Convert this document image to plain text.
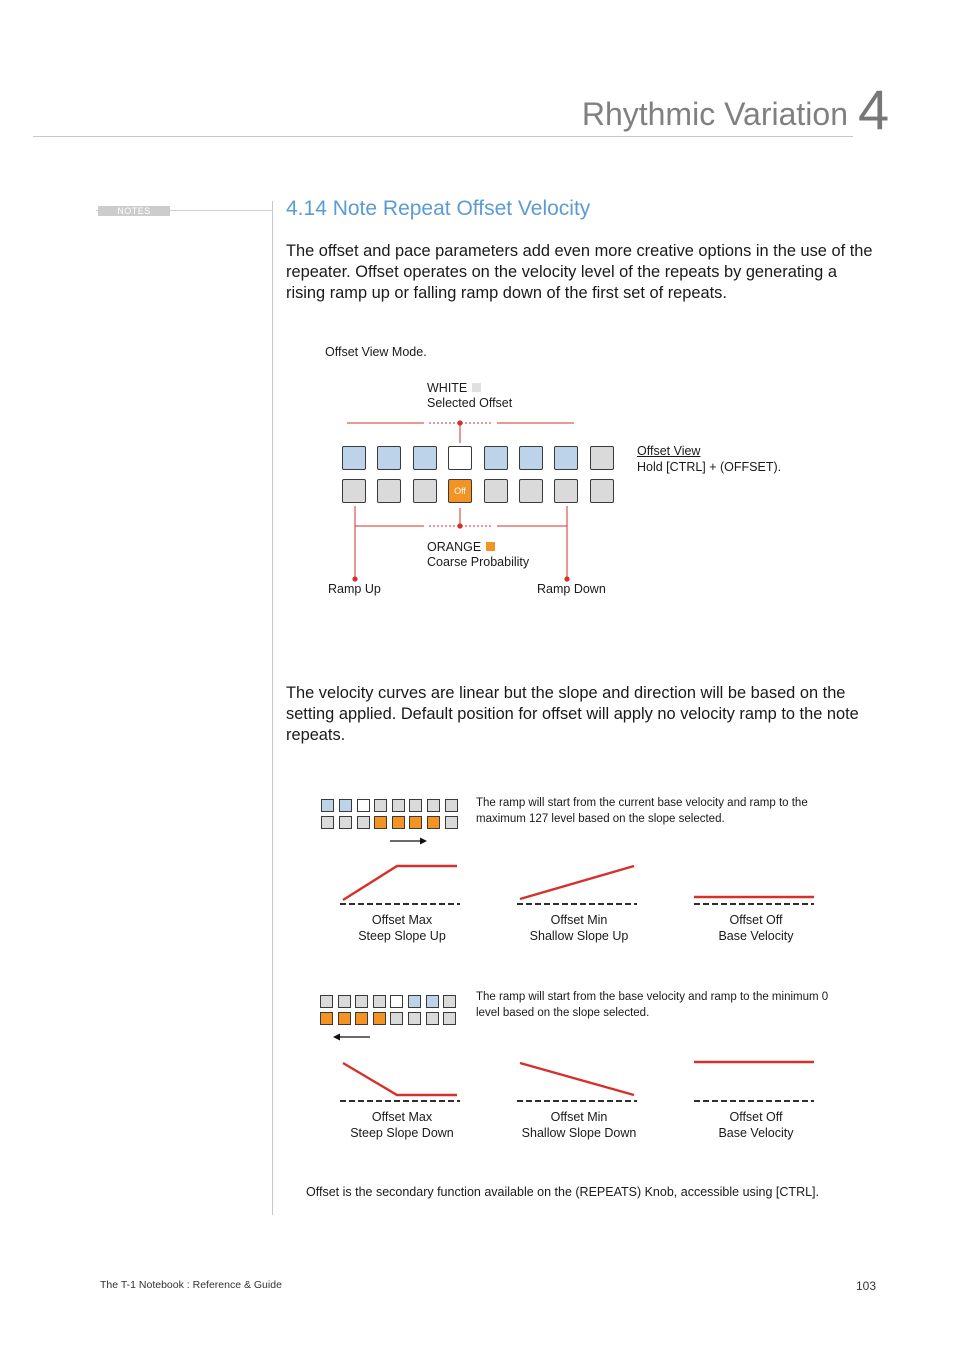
Rhythmic Variation 4
NOTES	4.14 Note Repeat Offset Velocity
The offset and pace parameters add even more creative options in the use of the repeater. Offset operates on the velocity level of the repeats by generating a rising ramp up or falling ramp down of the first set of repeats.
Offset View Mode.
WHITE
Selected Offset
Offset View
Hold [CTRL] + (OFFSET).
Off
ORANGE
Coarse Probability
Ramp Up	Ramp Down
The velocity curves are linear but the slope and direction will be based on the setting applied. Default position for offset will apply no velocity ramp to the note repeats.
The ramp will start from the current base velocity and ramp to the maximum 127 level based on the slope selected.
Offset Max
Steep Slope Up
Offset Min
Shallow Slope Up
Offset Off
Base Velocity
The ramp will start from the base velocity and ramp to the minimum 0 level based on the slope selected.
Offset Max
Steep Slope Down
Offset Min
Shallow Slope Down
Offset Off
Base Velocity
Offset is the secondary function available on the (REPEATS) Knob, accessible using [CTRL].
The T-1 Notebook : Reference & Guide	103
